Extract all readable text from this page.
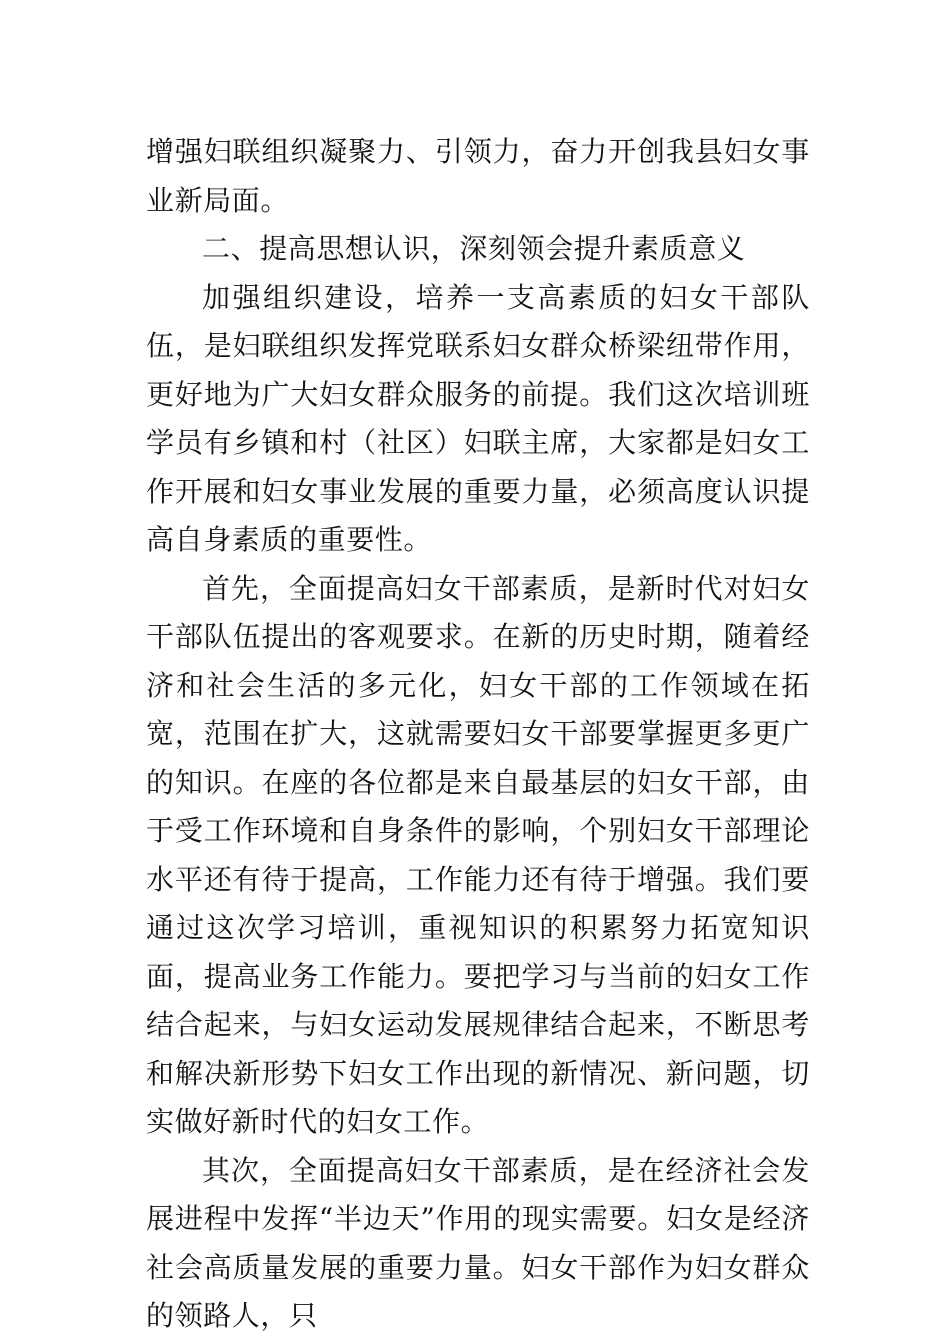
增强妇联组织凝聚力、引领力，奋力开创我县妇女事业新局面。

二、提高思想认识，深刻领会提升素质意义

加强组织建设，培养一支高素质的妇女干部队伍，是妇联组织发挥党联系妇女群众桥梁纽带作用，更好地为广大妇女群众服务的前提。我们这次培训班学员有乡镇和村（社区）妇联主席，大家都是妇女工作开展和妇女事业发展的重要力量，必须高度认识提高自身素质的重要性。

首先，全面提高妇女干部素质，是新时代对妇女干部队伍提出的客观要求。在新的历史时期，随着经济和社会生活的多元化，妇女干部的工作领域在拓宽，范围在扩大，这就需要妇女干部要掌握更多更广的知识。在座的各位都是来自最基层的妇女干部，由于受工作环境和自身条件的影响，个别妇女干部理论水平还有待于提高，工作能力还有待于增强。我们要通过这次学习培训，重视知识的积累努力拓宽知识面，提高业务工作能力。要把学习与当前的妇女工作结合起来，与妇女运动发展规律结合起来，不断思考和解决新形势下妇女工作出现的新情况、新问题，切实做好新时代的妇女工作。

其次，全面提高妇女干部素质，是在经济社会发展进程中发挥“半边天”作用的现实需要。妇女是经济社会高质量发展的重要力量。妇女干部作为妇女群众的领路人，只
